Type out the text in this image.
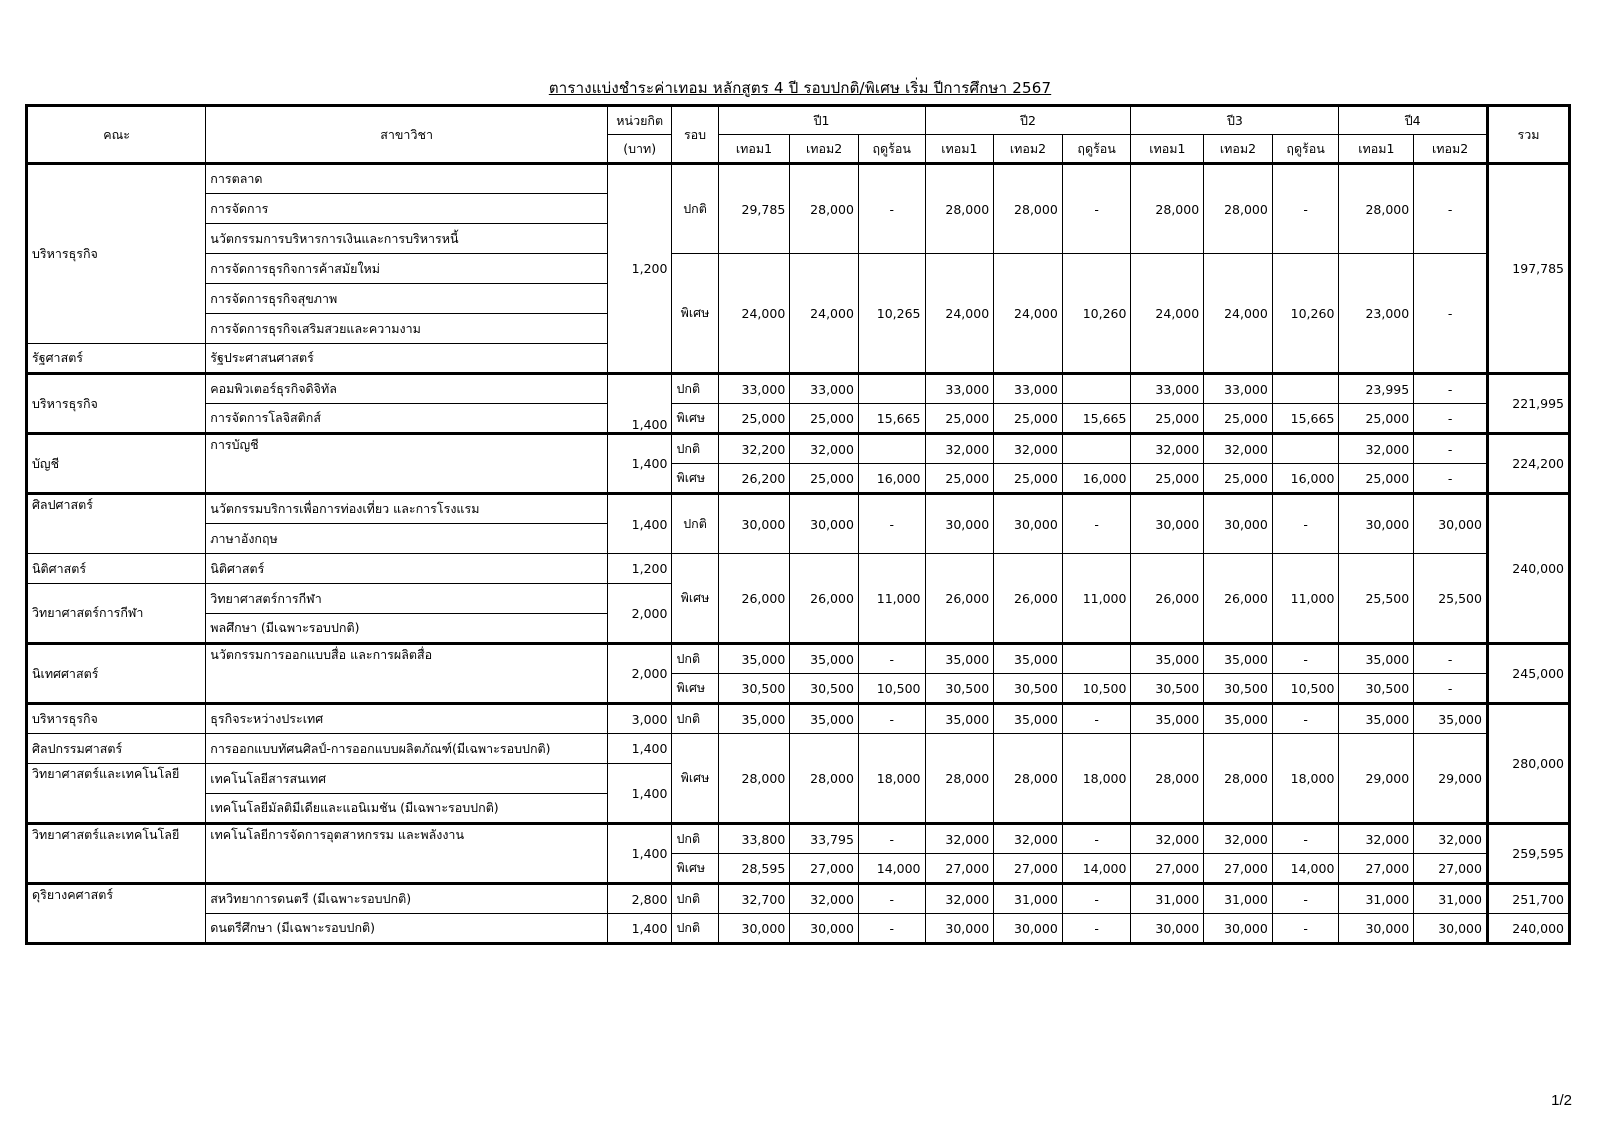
ตารางแบ่งชำระค่าเทอม หลักสูตร 4 ปี รอบปกติ/พิเศษ เริ่ม ปีการศึกษา 2567
คณะ	สาขาวิชา	หน่วยกิต	รอบ	ปี1			ปี2			ปี3			ปี4		รวม
		(บาท)		เทอม1	เทอม2	ฤดูร้อน	เทอม1	เทอม2	ฤดูร้อน	เทอม1	เทอม2	ฤดูร้อน	เทอม1	เทอม2	
บริหารธุรกิจ	การตลาด	1,200	ปกติ	29,785	28,000	-	28,000	28,000	-	28,000	28,000	-	28,000	-	197,785
	การจัดการ														
	นวัตกรรมการบริหารการเงินและการบริหารหนี้														
	การจัดการธุรกิจการค้าสมัยใหม่		พิเศษ	24,000	24,000	10,265	24,000	24,000	10,260	24,000	24,000	10,260	23,000	-	
	การจัดการธุรกิจสุขภาพ														
	การจัดการธุรกิจเสริมสวยและความงาม														
รัฐศาสตร์	รัฐประศาสนศาสตร์														
บริหารธุรกิจ	คอมพิวเตอร์ธุรกิจดิจิทัล	1,400	ปกติ	33,000	33,000		33,000	33,000		33,000	33,000		23,995	-	221,995
	การจัดการโลจิสติกส์		พิเศษ	25,000	25,000	15,665	25,000	25,000	15,665	25,000	25,000	15,665	25,000	-	
บัญชี	การบัญชี	1,400	ปกติ	32,200	32,000		32,000	32,000		32,000	32,000		32,000	-	224,200
			พิเศษ	26,200	25,000	16,000	25,000	25,000	16,000	25,000	25,000	16,000	25,000	-	
ศิลปศาสตร์	นวัตกรรมบริการเพื่อการท่องเที่ยว และการโรงแรม	1,400	ปกติ	30,000	30,000	-	30,000	30,000	-	30,000	30,000	-	30,000	30,000	240,000
	ภาษาอังกฤษ														
นิติศาสตร์	นิติศาสตร์	1,200	พิเศษ	26,000	26,000	11,000	26,000	26,000	11,000	26,000	26,000	11,000	25,500	25,500	
วิทยาศาสตร์การกีฬา	วิทยาศาสตร์การกีฬา	2,000													
	พลศึกษา (มีเฉพาะรอบปกติ)														
นิเทศศาสตร์	นวัตกรรมการออกแบบสื่อ และการผลิตสื่อ	2,000	ปกติ	35,000	35,000	-	35,000	35,000		35,000	35,000	-	35,000	-	245,000
			พิเศษ	30,500	30,500	10,500	30,500	30,500	10,500	30,500	30,500	10,500	30,500	-	
บริหารธุรกิจ	ธุรกิจระหว่างประเทศ	3,000	ปกติ	35,000	35,000	-	35,000	35,000	-	35,000	35,000	-	35,000	35,000	280,000
ศิลปกรรมศาสตร์	การออกแบบทัศนศิลป์-การออกแบบผลิตภัณฑ์(มีเฉพาะรอบปกติ)	1,400	พิเศษ	28,000	28,000	18,000	28,000	28,000	18,000	28,000	28,000	18,000	29,000	29,000	
วิทยาศาสตร์และเทคโนโลยี	เทคโนโลยีสารสนเทศ	1,400													
	เทคโนโลยีมัลติมีเดียและแอนิเมชัน (มีเฉพาะรอบปกติ)														
วิทยาศาสตร์และเทคโนโลยี	เทคโนโลยีการจัดการอุตสาหกรรม และพลังงาน	1,400	ปกติ	33,800	33,795	-	32,000	32,000	-	32,000	32,000	-	32,000	32,000	259,595
			พิเศษ	28,595	27,000	14,000	27,000	27,000	14,000	27,000	27,000	14,000	27,000	27,000	
ดุริยางคศาสตร์	สหวิทยาการดนตรี (มีเฉพาะรอบปกติ)	2,800	ปกติ	32,700	32,000	-	32,000	31,000	-	31,000	31,000	-	31,000	31,000	251,700
	ดนตรีศึกษา (มีเฉพาะรอบปกติ)	1,400	ปกติ	30,000	30,000	-	30,000	30,000	-	30,000	30,000	-	30,000	30,000	240,000
1/2
